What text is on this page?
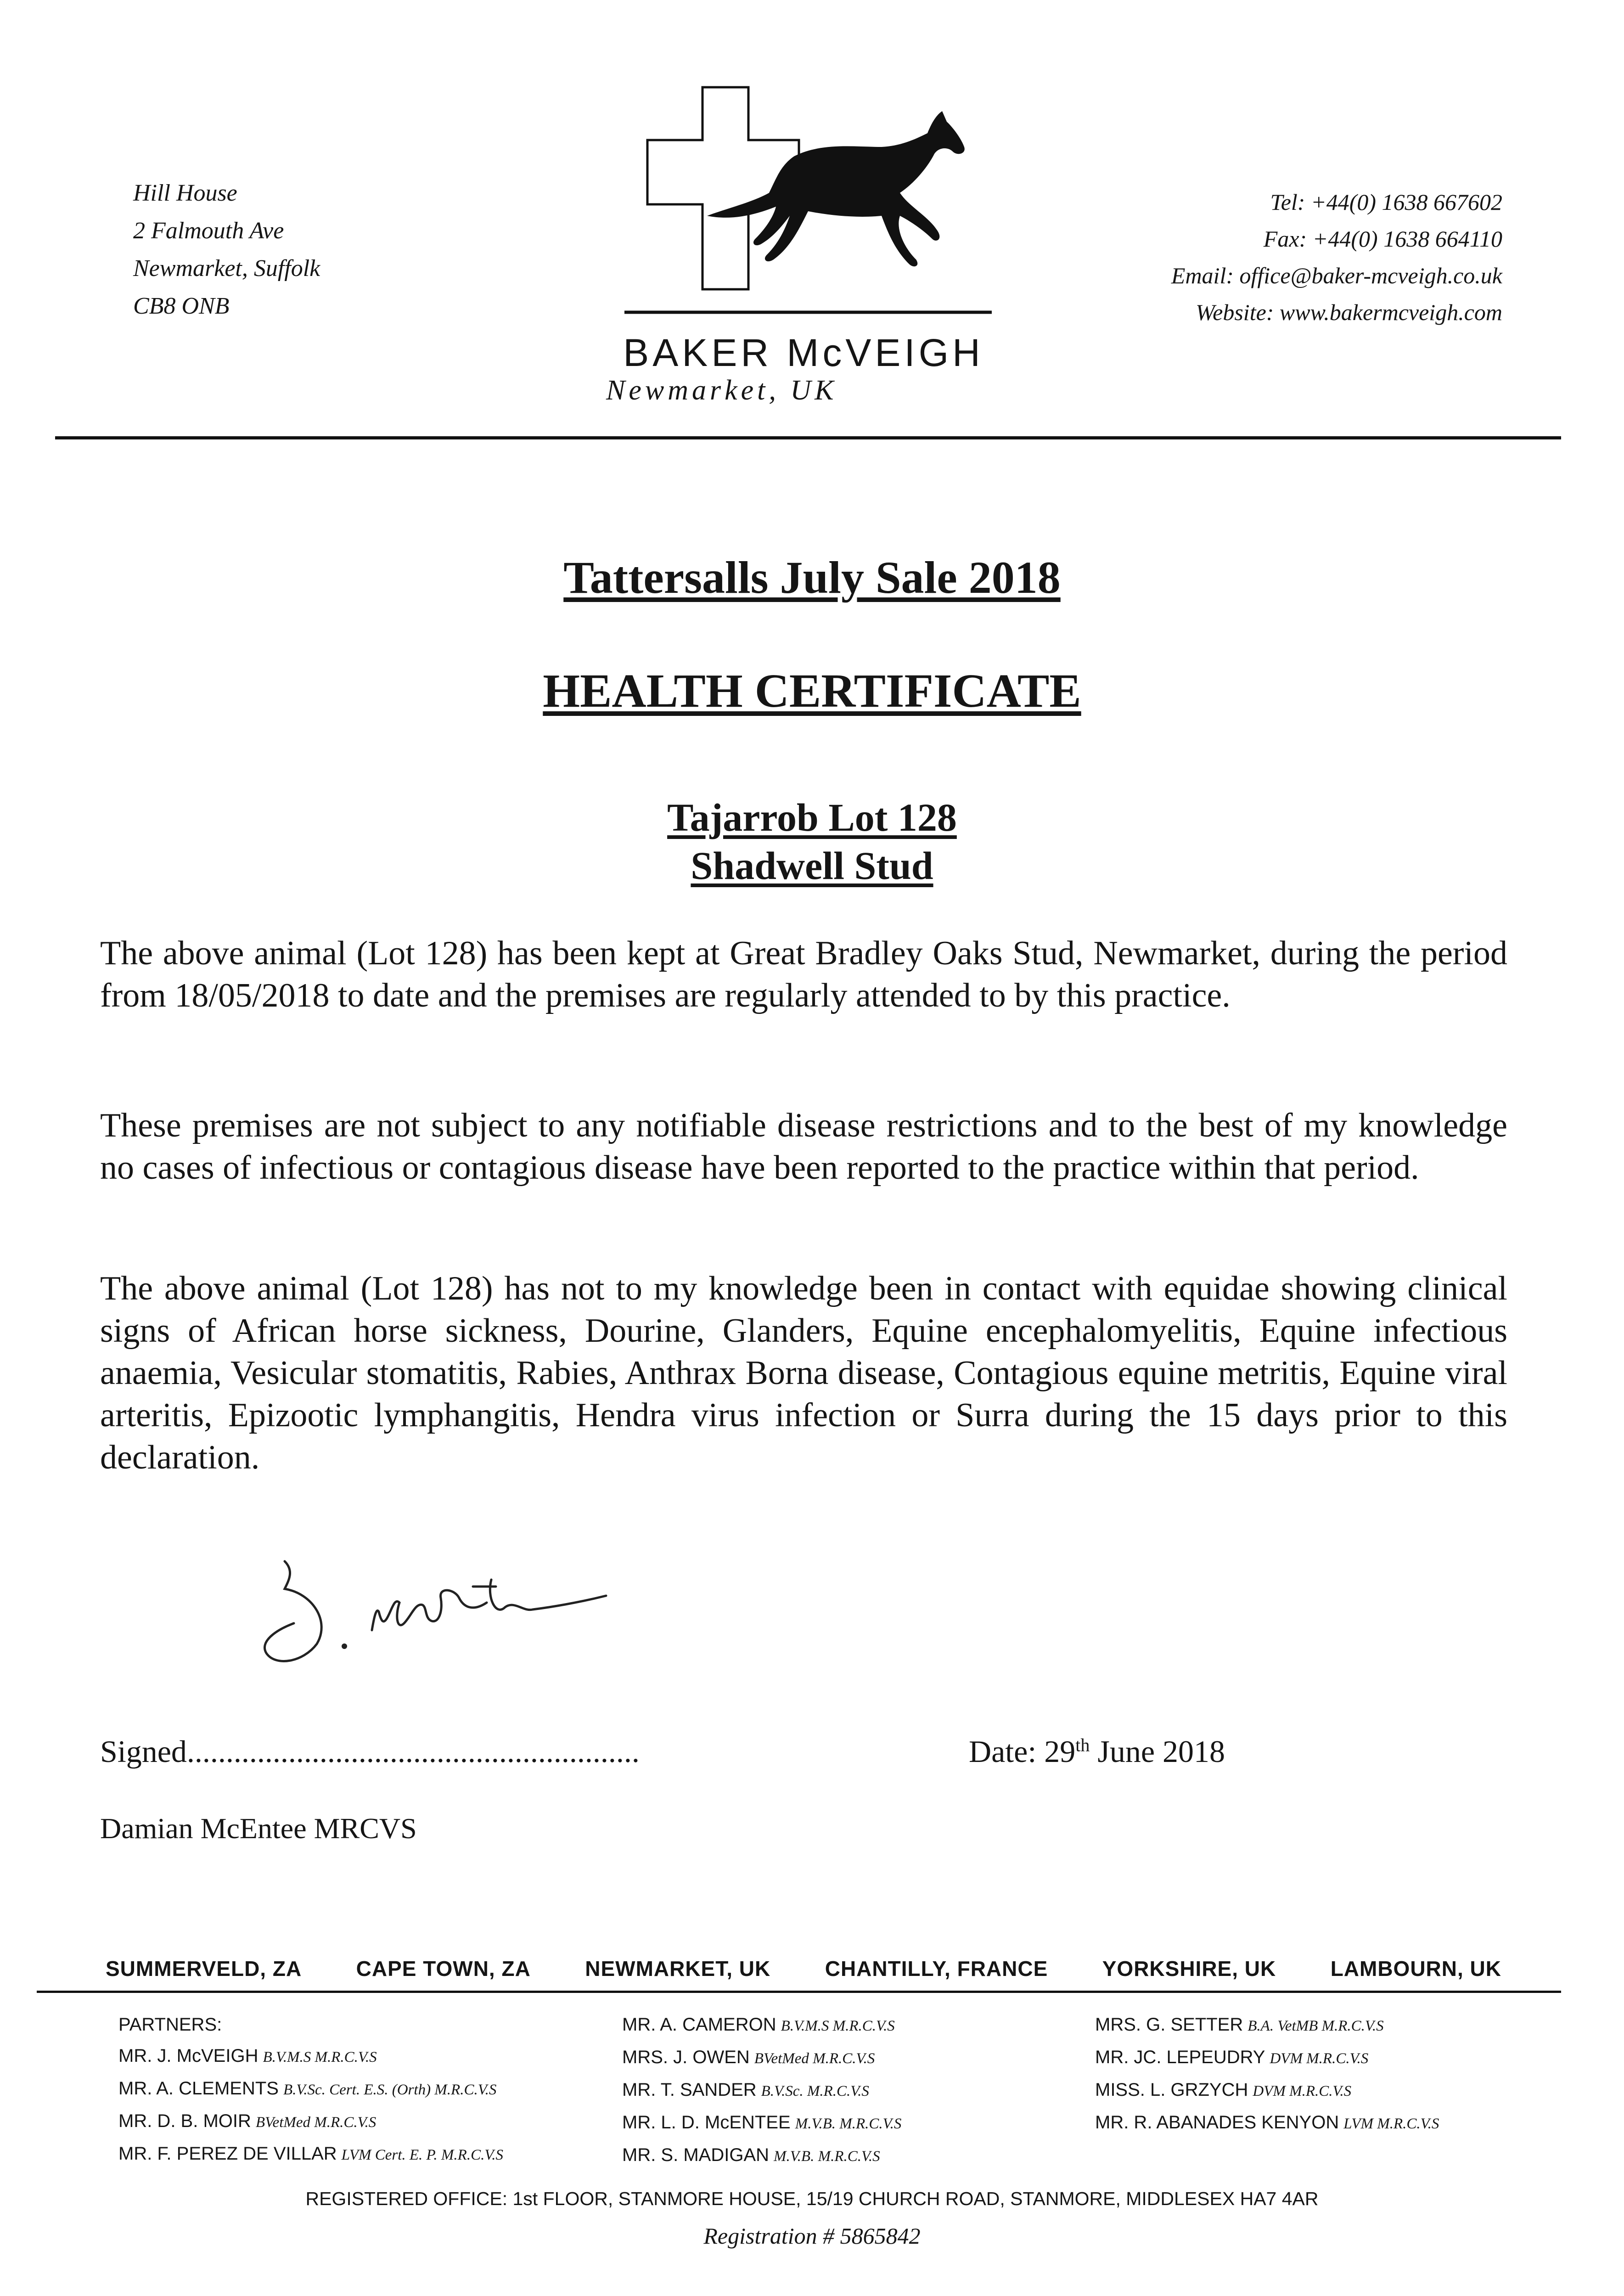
Hill House
2 Falmouth Ave
Newmarket, Suffolk
CB8 ONB
BAKER McVEIGH
Newmarket, UK
Tel: +44(0) 1638 667602
Fax: +44(0) 1638 664110
Email: office@baker-mcveigh.co.uk
Website: www.bakermcveigh.com
Tattersalls July Sale 2018
HEALTH CERTIFICATE
Tajarrob Lot 128
Shadwell Stud

The above animal (Lot 128) has been kept at Great Bradley Oaks Stud, Newmarket, during the period from 18/05/2018 to date and the premises are regularly attended to by this practice.

These premises are not subject to any notifiable disease restrictions and to the best of my knowledge no cases of infectious or contagious disease have been reported to the practice within that period.

The above animal (Lot 128) has not to my knowledge been in contact with equidae showing clinical signs of African horse sickness, Dourine, Glanders, Equine encephalomyelitis, Equine infectious anaemia, Vesicular stomatitis, Rabies, Anthrax Borna disease, Contagious equine metritis, Equine viral arteritis, Epizootic lymphangitis, Hendra virus infection or Surra during the 15 days prior to this declaration.

Signed..........................................................	Date: 29th June 2018
Damian McEntee MRCVS
SUMMERVELD, ZA	CAPE TOWN, ZA	NEWMARKET, UK	CHANTILLY, FRANCE	YORKSHIRE, UK	LAMBOURN, UK
PARTNERS:
MR. J. McVEIGH B.V.M.S M.R.C.V.S
MR. A. CLEMENTS B.V.Sc. Cert. E.S. (Orth) M.R.C.V.S
MR. D. B. MOIR BVetMed M.R.C.V.S
MR. F. PEREZ DE VILLAR LVM Cert. E. P. M.R.C.V.S
MR. A. CAMERON B.V.M.S M.R.C.V.S
MRS. J. OWEN BVetMed M.R.C.V.S
MR. T. SANDER B.V.Sc. M.R.C.V.S
MR. L. D. McENTEE M.V.B. M.R.C.V.S
MR. S. MADIGAN M.V.B. M.R.C.V.S
MRS. G. SETTER B.A. VetMB M.R.C.V.S
MR. JC. LEPEUDRY DVM M.R.C.V.S
MISS. L. GRZYCH DVM M.R.C.V.S
MR. R. ABANADES KENYON LVM M.R.C.V.S
REGISTERED OFFICE: 1st FLOOR, STANMORE HOUSE, 15/19 CHURCH ROAD, STANMORE, MIDDLESEX HA7 4AR
Registration # 5865842
